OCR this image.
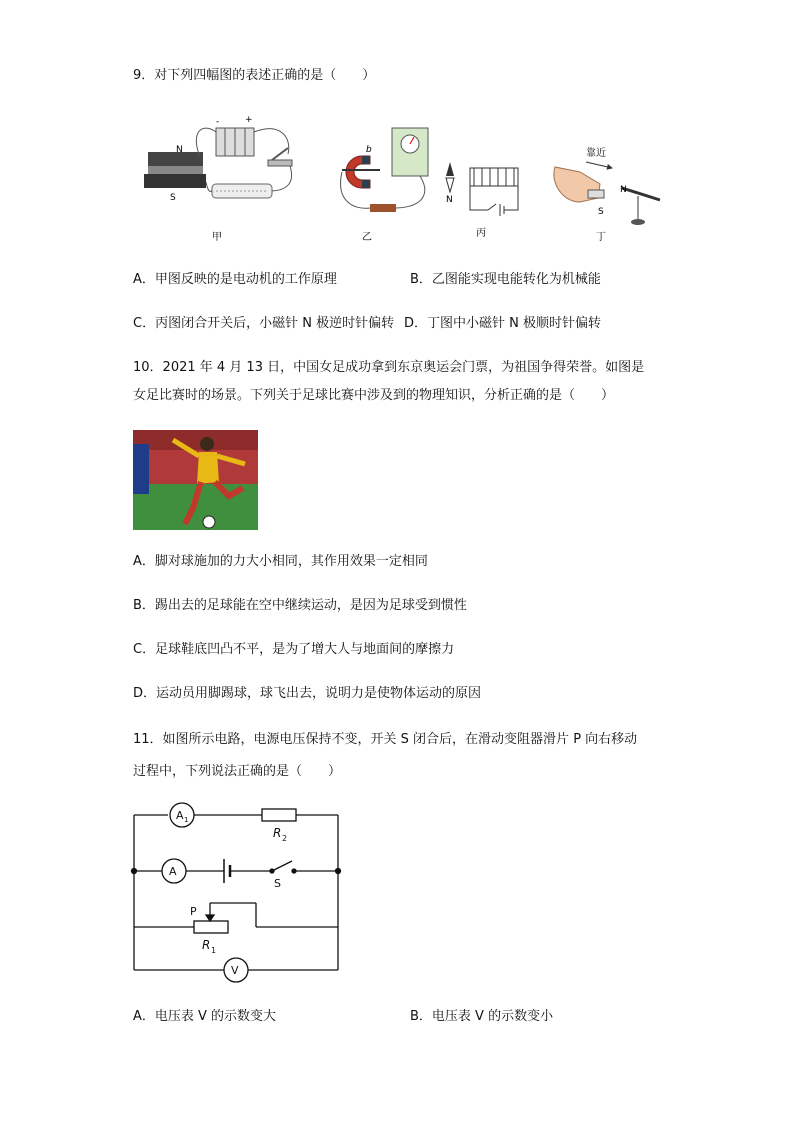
9．对下列四幅图的表述正确的是（　　）
N
S
-	+
甲
b
乙
N
丙
S
靠近
N
丁
A．甲图反映的是电动机的工作原理	B．乙图能实现电能转化为机械能
C．丙图闭合开关后，小磁针 N 极逆时针偏转 D．丁图中小磁针 N 极顺时针偏转
10．2021 年 4 月 13 日，中国女足成功拿到东京奥运会门票，为祖国争得荣誉。如图是
女足比赛时的场景。下列关于足球比赛中涉及到的物理知识，分析正确的是（　　）
A．脚对球施加的力大小相同，其作用效果一定相同
B．踢出去的足球能在空中继续运动，是因为足球受到惯性
C．足球鞋底凹凸不平，是为了增大人与地面间的摩擦力
D．运动员用脚踢球，球飞出去，说明力是使物体运动的原因
11．如图所示电路，电源电压保持不变，开关 S 闭合后，在滑动变阻器滑片 P 向右移动
过程中，下列说法正确的是（　　）
A 1
R 2
A
S
P
R 1
V
A．电压表 V 的示数变大	B．电压表 V 的示数变小
